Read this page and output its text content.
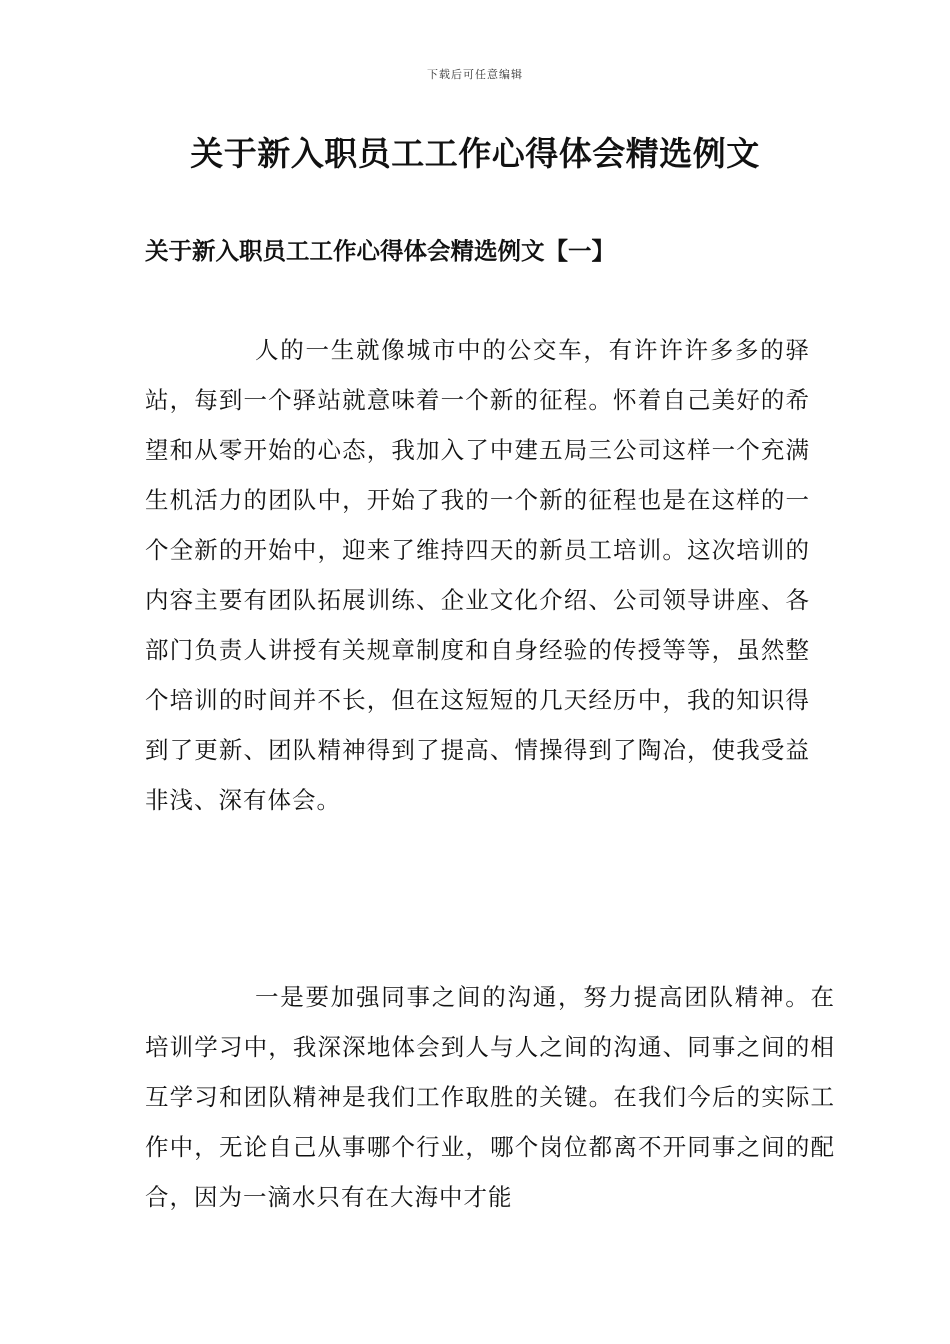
下载后可任意编辑
关于新入职员工工作心得体会精选例文
关于新入职员工工作心得体会精选例文【一】

人的一生就像城市中的公交车，有许许许多多的驿站，每到一个驿站就意味着一个新的征程。怀着自己美好的希望和从零开始的心态，我加入了中建五局三公司这样一个充满生机活力的团队中，开始了我的一个新的征程也是在这样的一个全新的开始中，迎来了维持四天的新员工培训。这次培训的内容主要有团队拓展训练、企业文化介绍、公司领导讲座、各部门负责人讲授有关规章制度和自身经验的传授等等，虽然整个培训的时间并不长，但在这短短的几天经历中，我的知识得到了更新、团队精神得到了提高、情操得到了陶冶，使我受益非浅、深有体会。

一是要加强同事之间的沟通，努力提高团队精神。在培训学习中，我深深地体会到人与人之间的沟通、同事之间的相互学习和团队精神是我们工作取胜的关键。在我们今后的实际工作中，无论自己从事哪个行业，哪个岗位都离不开同事之间的配合，因为一滴水只有在大海中才能
